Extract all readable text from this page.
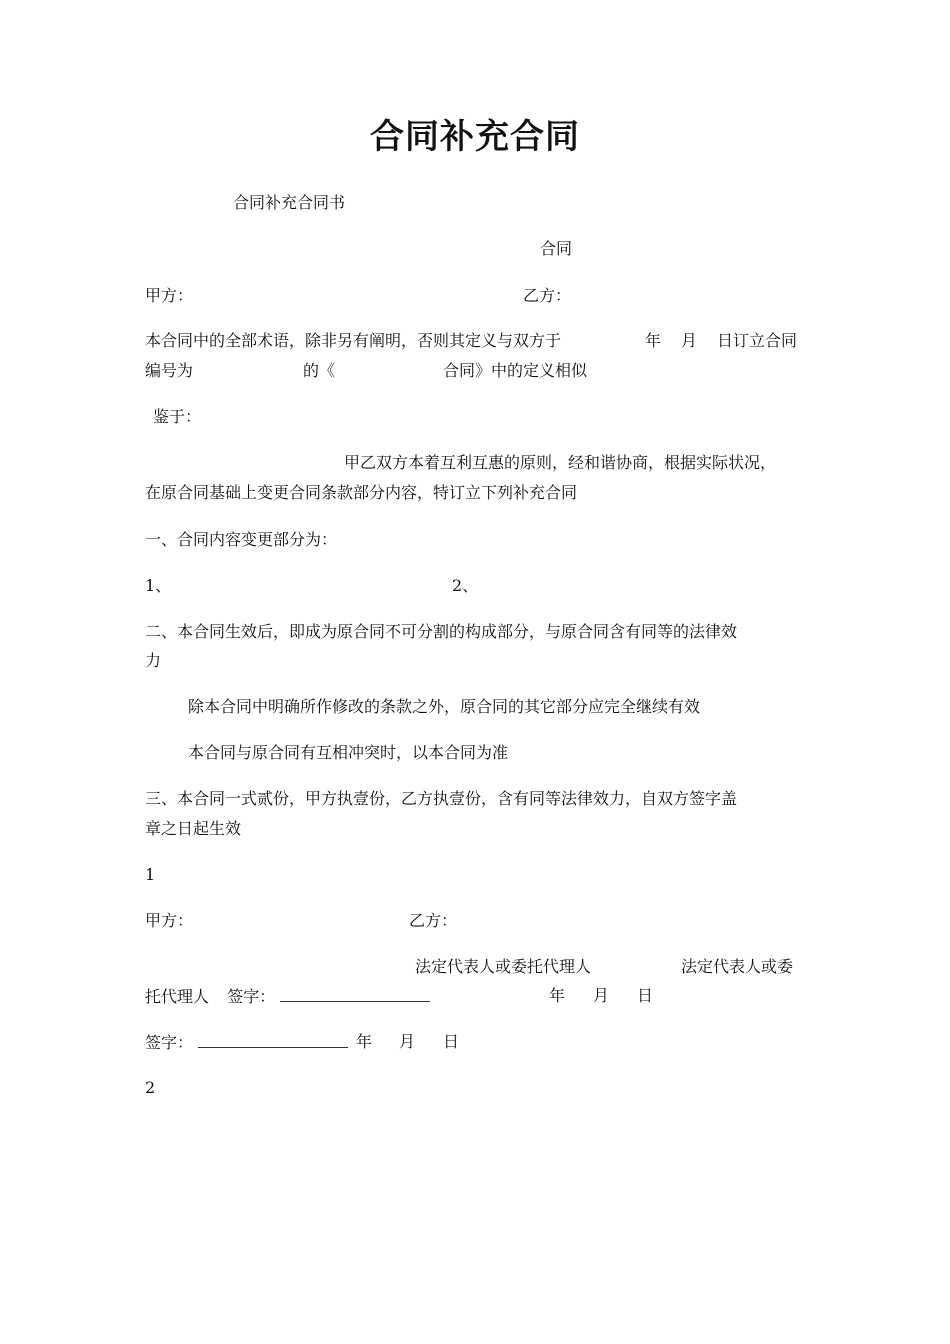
合同补充合同
合同补充合同书
合同
甲方：	乙方：
本合同中的全部术语，除非另有阐明，否则其定义与双方于	年 月 日订立合同
编号为	的《	合同》中的定义相似
鉴于：
甲乙双方本着互利互惠的原则，经和谐协商，根据实际状况，
在原合同基础上变更合同条款部分内容，特订立下列补充合同
一、合同内容变更部分为：
1、	2、
二、本合同生效后，即成为原合同不可分割的构成部分，与原合同含有同等的法律效
力
除本合同中明确所作修改的条款之外，原合同的其它部分应完全继续有效
本合同与原合同有互相冲突时，以本合同为准
三、本合同一式贰份，甲方执壹份，乙方执壹份，含有同等法律效力，自双方签字盖
章之日起生效
1
甲方：	乙方：
法定代表人或委托代理人	法定代表人或委
托代理人 签字：	年 月 日
签字：	年 月 日
2
